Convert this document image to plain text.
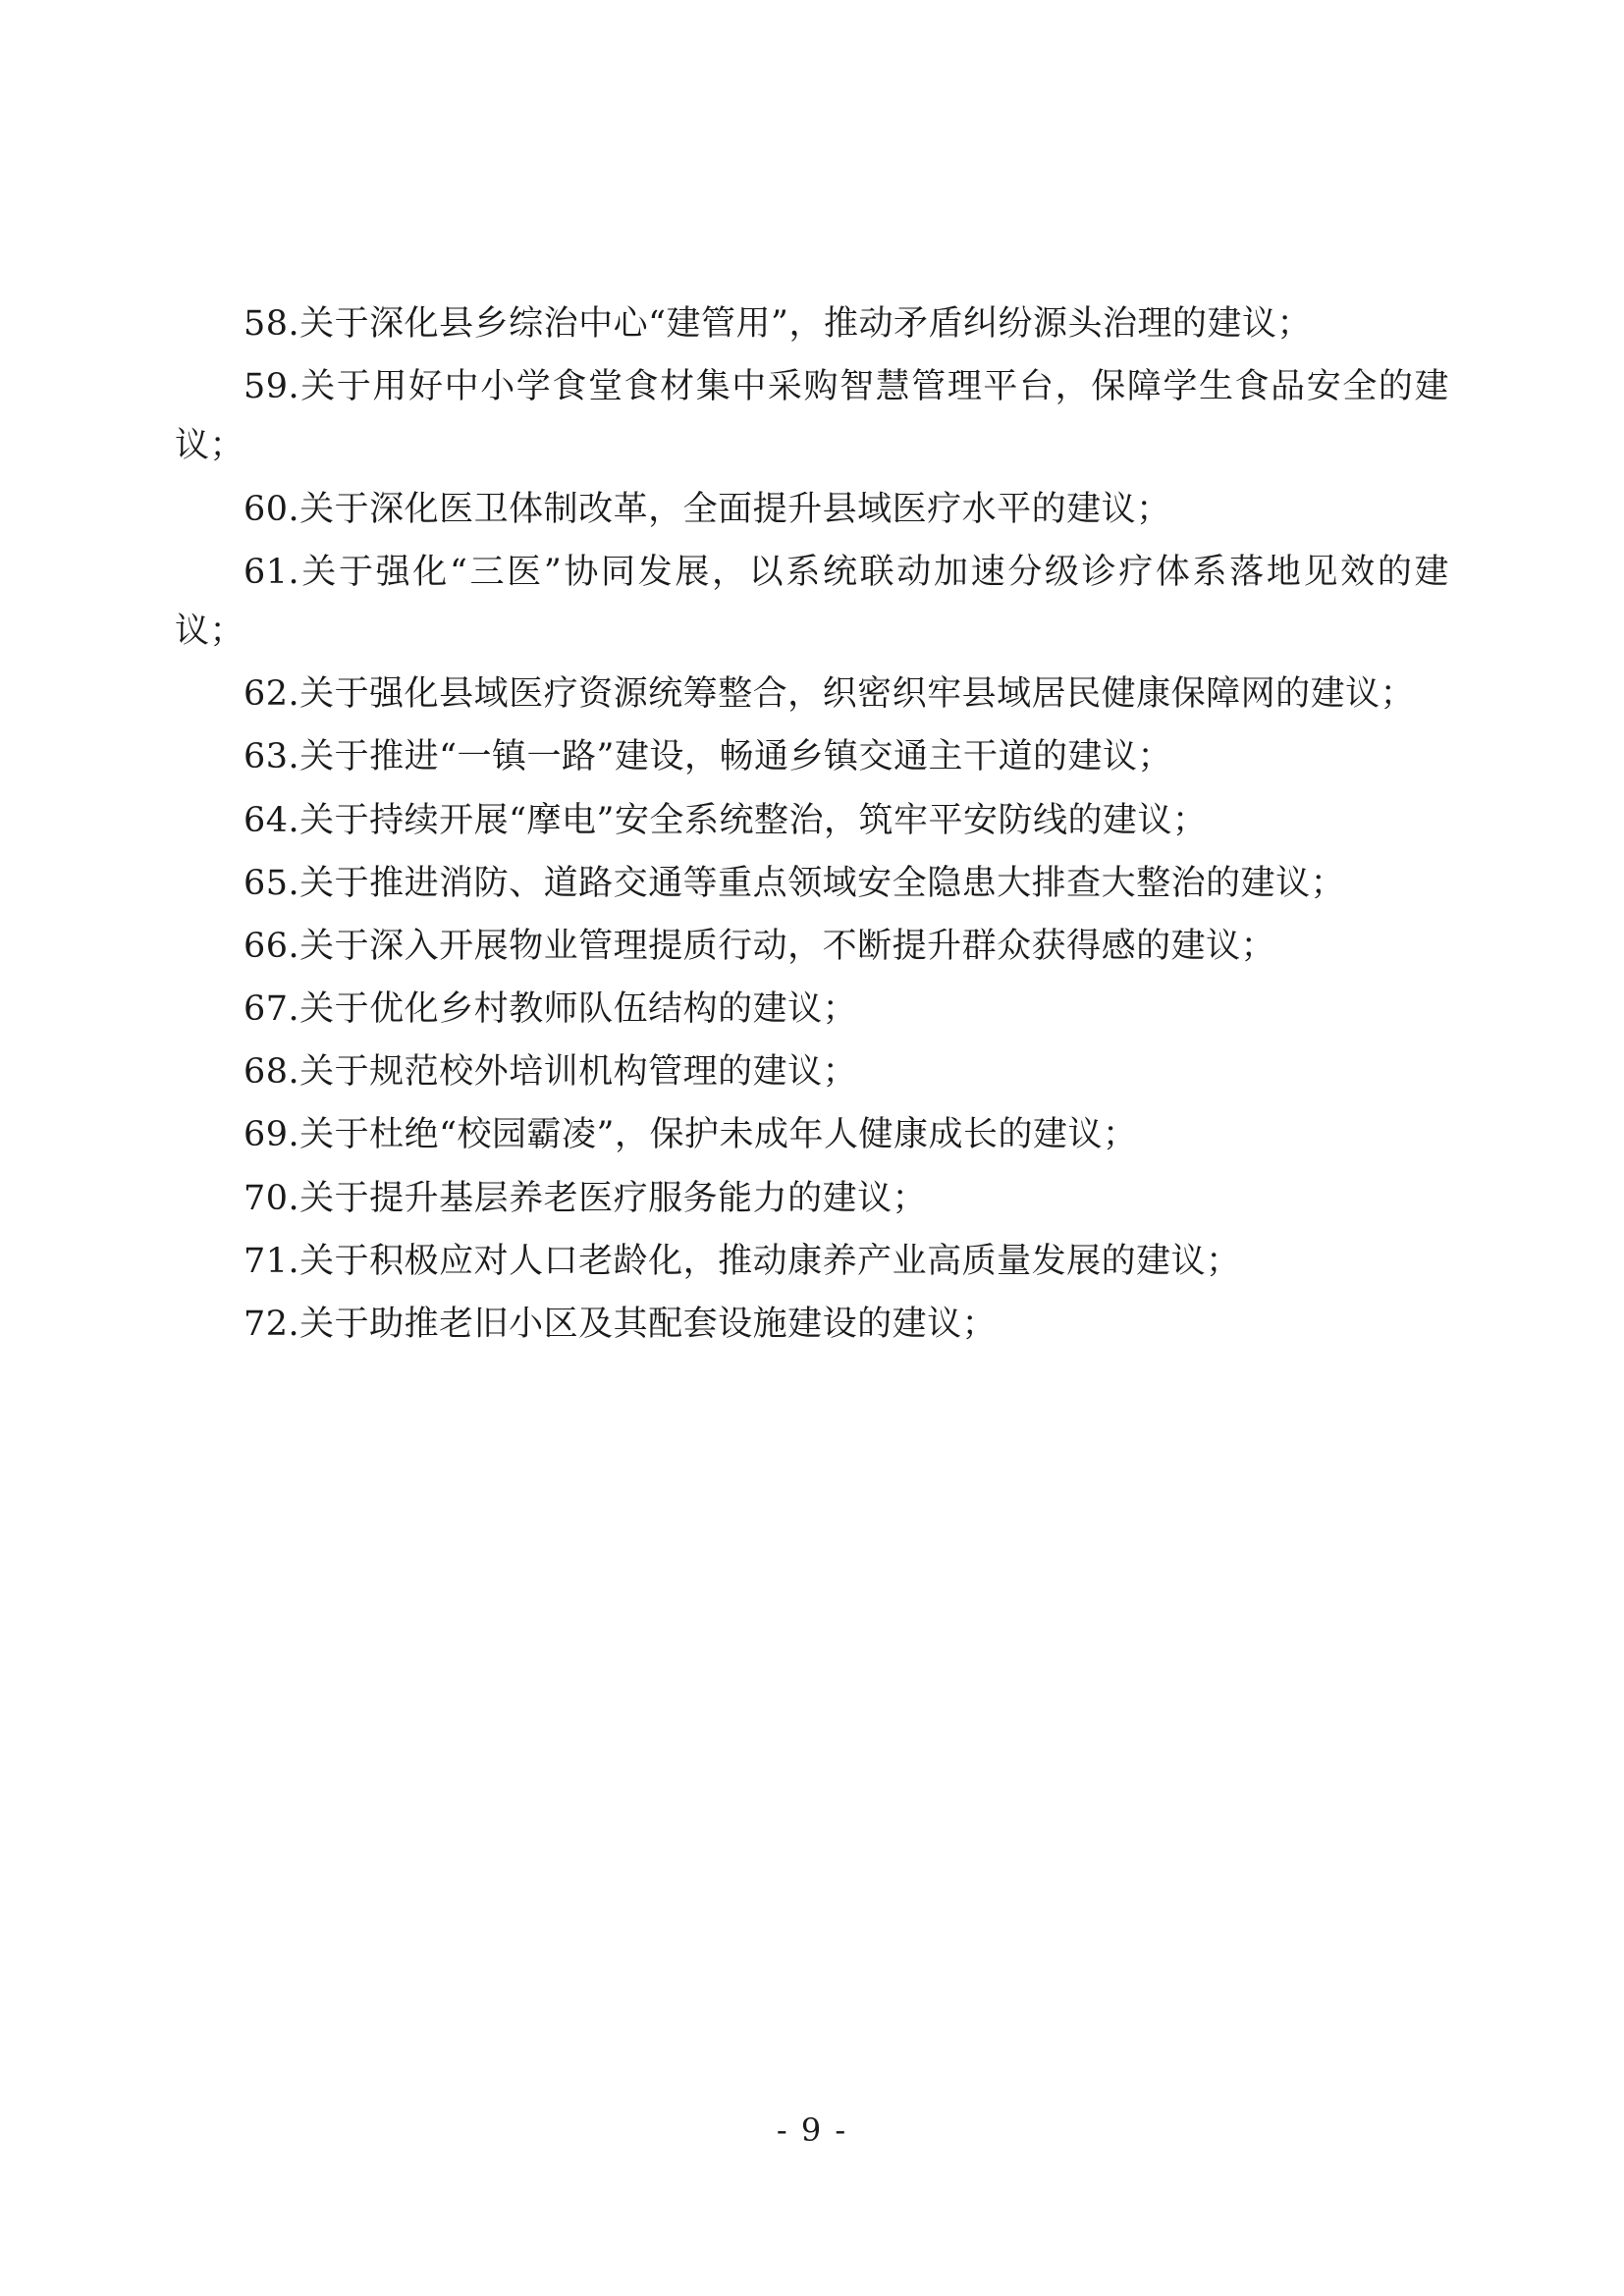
58.关于深化县乡综治中心“建管用”，推动矛盾纠纷源头治理的建议；

59.关于用好中小学食堂食材集中采购智慧管理平台，保障学生食品安全的建议；

60.关于深化医卫体制改革，全面提升县域医疗水平的建议；

61.关于强化“三医”协同发展，以系统联动加速分级诊疗体系落地见效的建议；

62.关于强化县域医疗资源统筹整合，织密织牢县域居民健康保障网的建议；

63.关于推进“一镇一路”建设，畅通乡镇交通主干道的建议；

64.关于持续开展“摩电”安全系统整治，筑牢平安防线的建议；

65.关于推进消防、道路交通等重点领域安全隐患大排查大整治的建议；

66.关于深入开展物业管理提质行动，不断提升群众获得感的建议；

67.关于优化乡村教师队伍结构的建议；

68.关于规范校外培训机构管理的建议；

69.关于杜绝“校园霸凌”，保护未成年人健康成长的建议；

70.关于提升基层养老医疗服务能力的建议；

71.关于积极应对人口老龄化，推动康养产业高质量发展的建议；

72.关于助推老旧小区及其配套设施建设的建议；

- 9 -
